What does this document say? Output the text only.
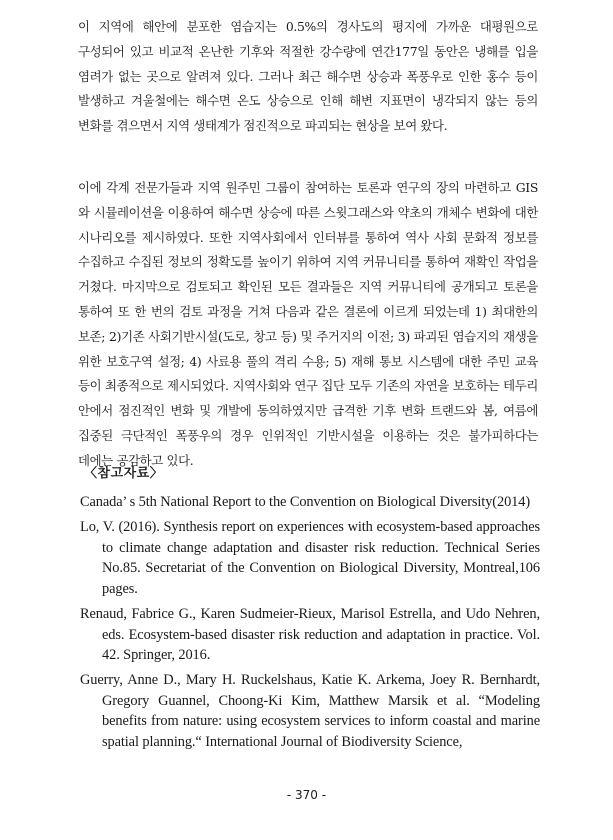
이 지역에 해안에 분포한 염습지는 0.5%의 경사도의 평지에 가까운 대평원으로 구성되어 있고 비교적 온난한 기후와 적절한 강수량에 연간177일 동안은 냉해를 입을 염려가 없는 곳으로 알려져 있다. 그러나 최근 해수면 상승과 폭풍우로 인한 홍수 등이 발생하고 겨울철에는 해수면 온도 상승으로 인해 해변 지표면이 냉각되지 않는 등의 변화를 겪으면서 지역 생태계가 점진적으로 파괴되는 현상을 보여 왔다.

이에 각계 전문가들과 지역 원주민 그룹이 참여하는 토론과 연구의 장의 마련하고 GIS 와 시뮬레이션을 이용하여 해수면 상승에 따른 스윗그래스와 약초의 개체수 변화에 대한 시나리오를 제시하였다. 또한 지역사회에서 인터뷰를 통하여 역사 사회 문화적 정보를 수집하고 수집된 정보의 정확도를 높이기 위하여 지역 커뮤니티를 통하여 재확인 작업을 거쳤다. 마지막으로 검토되고 확인된 모든 결과들은 지역 커뮤니티에 공개되고 토론을 통하여 또 한 번의 검토 과정을 거쳐 다음과 같은 결론에 이르게 되었는데 1) 최대한의 보존; 2)기존 사회기반시설(도로, 창고 등) 및 주거지의 이전; 3) 파괴된 염습지의 재생을 위한 보호구역 설정; 4) 사료용 풀의 격리 수용; 5) 재해 통보 시스템에 대한 주민 교육 등이 최종적으로 제시되었다. 지역사회와 연구 집단 모두 기존의 자연을 보호하는 테두리 안에서 점진적인 변화 및 개발에 동의하였지만 급격한 기후 변화 트랜드와 봄, 여름에 집중된 극단적인 폭풍우의 경우 인위적인 기반시설을 이용하는 것은 불가피하다는 데에는 공감하고 있다.

〈참고자료〉

Canada’ s 5th National Report to the Convention on Biological Diversity(2014)
Lo, V. (2016). Synthesis report on experiences with ecosystem-based approaches to climate change adaptation and disaster risk reduction. Technical Series No.85. Secretariat of the Convention on Biological Diversity, Montreal,106 pages.
Renaud, Fabrice G., Karen Sudmeier-Rieux, Marisol Estrella, and Udo Nehren, eds. Ecosystem-based disaster risk reduction and adaptation in practice. Vol. 42. Springer, 2016.
Guerry, Anne D., Mary H. Ruckelshaus, Katie K. Arkema, Joey R. Bernhardt, Gregory Guannel, Choong-Ki Kim, Matthew Marsik et al. “Modeling benefits from nature: using ecosystem services to inform coastal and marine spatial planning.“ International Journal of Biodiversity Science,

- 370 -
